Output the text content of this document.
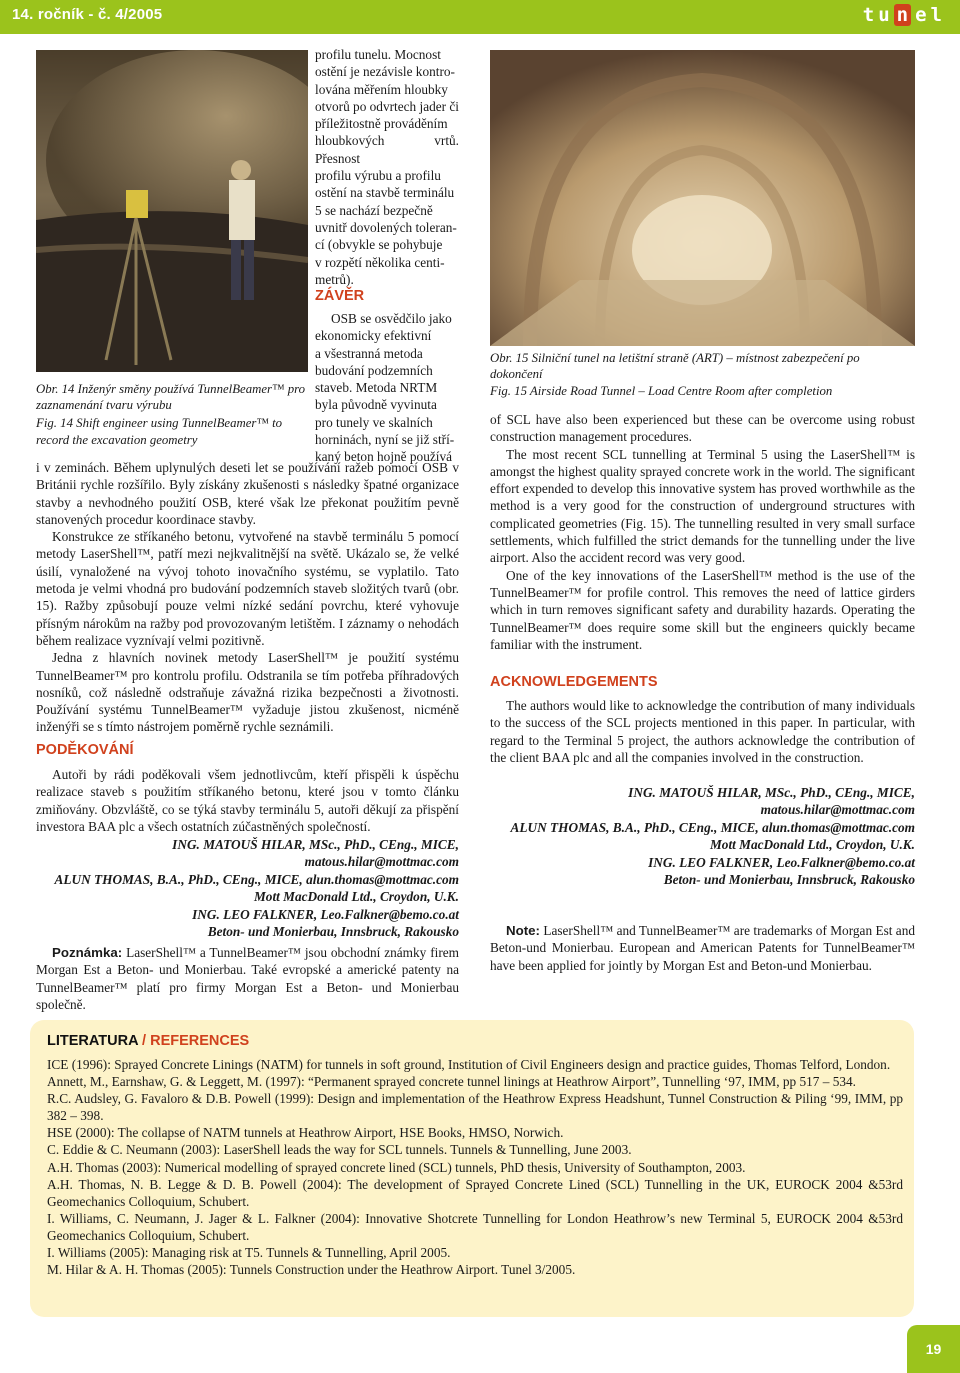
14. ročník - č. 4/2005	t u n e l

profilu tunelu. Mocnost

ostění je nezávisle kontro-

lována měřením hloubky

otvorů po odvrtech jader či

příležitostně prováděním

hloubkových vrtů. Přesnost

profilu výrubu a profilu

ostění na stavbě terminálu

5 se nachází bezpečně

uvnitř dovolených toleran-

cí (obvykle se pohybuje

v rozpětí několika centi-

metrů).

ZÁVĚR

OSB se osvědčilo jako

ekonomicky efektivní

a všestranná metoda

budování podzemních

staveb. Metoda NRTM

byla původně vyvinuta

pro tunely ve skalních

horninách, nyní se již stří-

kaný beton hojně používá

Obr. 14 Inženýr směny používá TunnelBeamer™ pro zaznamenání tvaru výrubu

Fig. 14 Shift engineer using TunnelBeamer™ to record the excavation geometry

i v zeminách. Během uplynulých deseti let se používání ražeb pomocí OSB v Británii rychle rozšířilo. Byly získány zkušenosti s následky špatné organizace stavby a nevhodného použití OSB, které však lze překonat použitím pevně stanovených procedur koordinace stavby.

Konstrukce ze stříkaného betonu, vytvořené na stavbě terminálu 5 pomocí metody LaserShell™, patří mezi nejkvalitnější na světě. Ukázalo se, že velké úsilí, vynaložené na vývoj tohoto inovačního systému, se vyplatilo. Tato metoda je velmi vhodná pro budování podzemních staveb složitých tvarů (obr. 15). Ražby způsobují pouze velmi nízké sedání povrchu, které vyhovuje přísným nárokům na ražby pod provozovaným letištěm. I záznamy o nehodách během realizace vyznívají velmi pozitivně.

Jedna z hlavních novinek metody LaserShell™ je použití systému TunnelBeamer™ pro kontrolu profilu. Odstranila se tím potřeba příhradových nosníků, což následně odstraňuje závažná rizika bezpečnosti a životnosti. Používání systému TunnelBeamer™ vyžaduje jistou zkušenost, nicméně inženýři se s tímto nástrojem poměrně rychle seznámili.

PODĚKOVÁNÍ

Autoři by rádi poděkovali všem jednotlivcům, kteří přispěli k úspěchu realizace staveb s použitím stříkaného betonu, které jsou v tomto článku zmiňovány. Obzvláště, co se týká stavby terminálu 5, autoři děkují za přispění investora BAA plc a všech ostatních zúčastněných společností.

ING. MATOUŠ HILAR, MSc., PhD., CEng., MICE,
matous.hilar@mottmac.com
ALUN THOMAS, B.A., PhD., CEng., MICE, alun.thomas@mottmac.com
Mott MacDonald Ltd., Croydon, U.K.
ING. LEO FALKNER, Leo.Falkner@bemo.co.at
Beton- und Monierbau, Innsbruck, Rakousko

Poznámka: LaserShell™ a TunnelBeamer™ jsou obchodní známky firem Morgan Est a Beton- und Monierbau. Také evropské a americké patenty na TunnelBeamer™ platí pro firmy Morgan Est a Beton- und Monierbau společně.

Obr. 15 Silniční tunel na letištní straně (ART) – místnost zabezpečení po dokončení

Fig. 15 Airside Road Tunnel – Load Centre Room after completion

of SCL have also been experienced but these can be overcome using robust construction management procedures.

The most recent SCL tunnelling at Terminal 5 using the LaserShell™ is amongst the highest quality sprayed concrete work in the world. The significant effort expended to develop this innovative system has proved worthwhile as the method is a very good for the construction of underground structures with complicated geometries (Fig. 15). The tunnelling resulted in very small surface settlements, which fulfilled the strict demands for the tunnelling under the live airport. Also the accident record was very good.

One of the key innovations of the LaserShell™ method is the use of the TunnelBeamer™ for profile control. This removes the need of lattice girders which in turn removes significant safety and durability hazards. Operating the TunnelBeamer™ does require some skill but the engineers quickly became familiar with the instrument.

ACKNOWLEDGEMENTS

The authors would like to acknowledge the contribution of many individuals to the success of the SCL projects mentioned in this paper. In particular, with regard to the Terminal 5 project, the authors acknowledge the contribution of the client BAA plc and all the companies involved in the construction.

ING. MATOUŠ HILAR, MSc., PhD., CEng., MICE,
matous.hilar@mottmac.com
ALUN THOMAS, B.A., PhD., CEng., MICE, alun.thomas@mottmac.com
Mott MacDonald Ltd., Croydon, U.K.
ING. LEO FALKNER, Leo.Falkner@bemo.co.at
Beton- und Monierbau, Innsbruck, Rakousko

Note: LaserShell™ and TunnelBeamer™ are trademarks of Morgan Est and Beton-und Monierbau. European and American Patents for TunnelBeamer™ have been applied for jointly by Morgan Est and Beton-und Monierbau.

LITERATURA / REFERENCES

ICE (1996): Sprayed Concrete Linings (NATM) for tunnels in soft ground, Institution of Civil Engineers design and practice guides, Thomas Telford, London.

Annett, M., Earnshaw, G. & Leggett, M. (1997): “Permanent sprayed concrete tunnel linings at Heathrow Airport”, Tunnelling ‘97, IMM, pp 517 – 534.

R.C. Audsley, G. Favaloro & D.B. Powell (1999): Design and implementation of the Heathrow Express Headshunt, Tunnel Construction & Piling ‘99, IMM, pp 382 – 398.

HSE (2000): The collapse of NATM tunnels at Heathrow Airport, HSE Books, HMSO, Norwich.

C. Eddie & C. Neumann (2003): LaserShell leads the way for SCL tunnels. Tunnels & Tunnelling, June 2003.

A.H. Thomas (2003): Numerical modelling of sprayed concrete lined (SCL) tunnels, PhD thesis, University of Southampton, 2003.

A.H. Thomas, N. B. Legge & D. B. Powell (2004): The development of Sprayed Concrete Lined (SCL) Tunnelling in the UK, EUROCK 2004 &53rd Geomechanics Colloquium, Schubert.

I. Williams, C. Neumann, J. Jager & L. Falkner (2004): Innovative Shotcrete Tunnelling for London Heathrow’s new Terminal 5, EUROCK 2004 &53rd Geomechanics Colloquium, Schubert.

I. Williams (2005): Managing risk at T5. Tunnels & Tunnelling, April 2005.

M. Hilar & A. H. Thomas (2005): Tunnels Construction under the Heathrow Airport. Tunel 3/2005.

19
